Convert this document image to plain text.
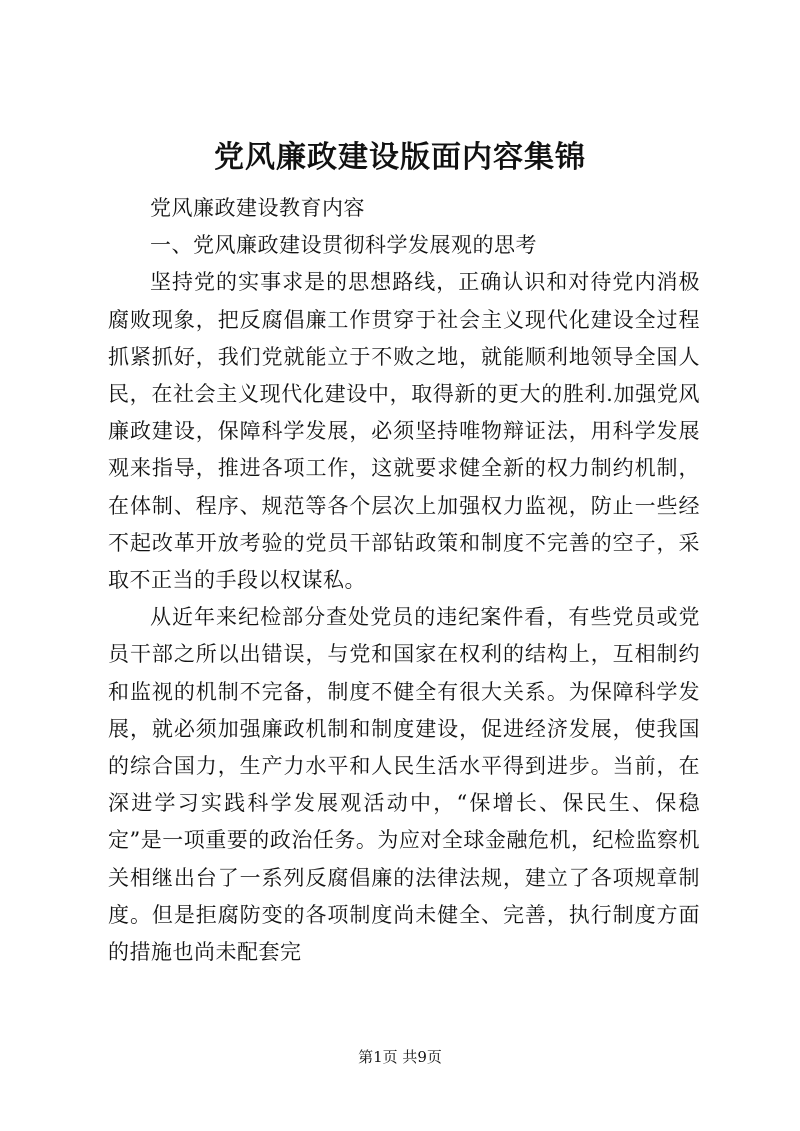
党风廉政建设版面内容集锦

党风廉政建设教育内容

一、党风廉政建设贯彻科学发展观的思考

坚持党的实事求是的思想路线，正确认识和对待党内消极腐败现象，把反腐倡廉工作贯穿于社会主义现代化建设全过程抓紧抓好，我们党就能立于不败之地，就能顺利地领导全国人民，在社会主义现代化建设中，取得新的更大的胜利.加强党风廉政建设，保障科学发展，必须坚持唯物辩证法，用科学发展观来指导，推进各项工作，这就要求健全新的权力制约机制，在体制、程序、规范等各个层次上加强权力监视，防止一些经不起改革开放考验的党员干部钻政策和制度不完善的空子，采取不正当的手段以权谋私。

从近年来纪检部分查处党员的违纪案件看，有些党员或党员干部之所以出错误，与党和国家在权利的结构上，互相制约和监视的机制不完备，制度不健全有很大关系。为保障科学发展，就必须加强廉政机制和制度建设，促进经济发展，使我国的综合国力，生产力水平和人民生活水平得到进步。当前，在深进学习实践科学发展观活动中，“保增长、保民生、保稳定”是一项重要的政治任务。为应对全球金融危机，纪检监察机关相继出台了一系列反腐倡廉的法律法规，建立了各项规章制度。但是拒腐防变的各项制度尚未健全、完善，执行制度方面的措施也尚未配套完

第1页 共9页
